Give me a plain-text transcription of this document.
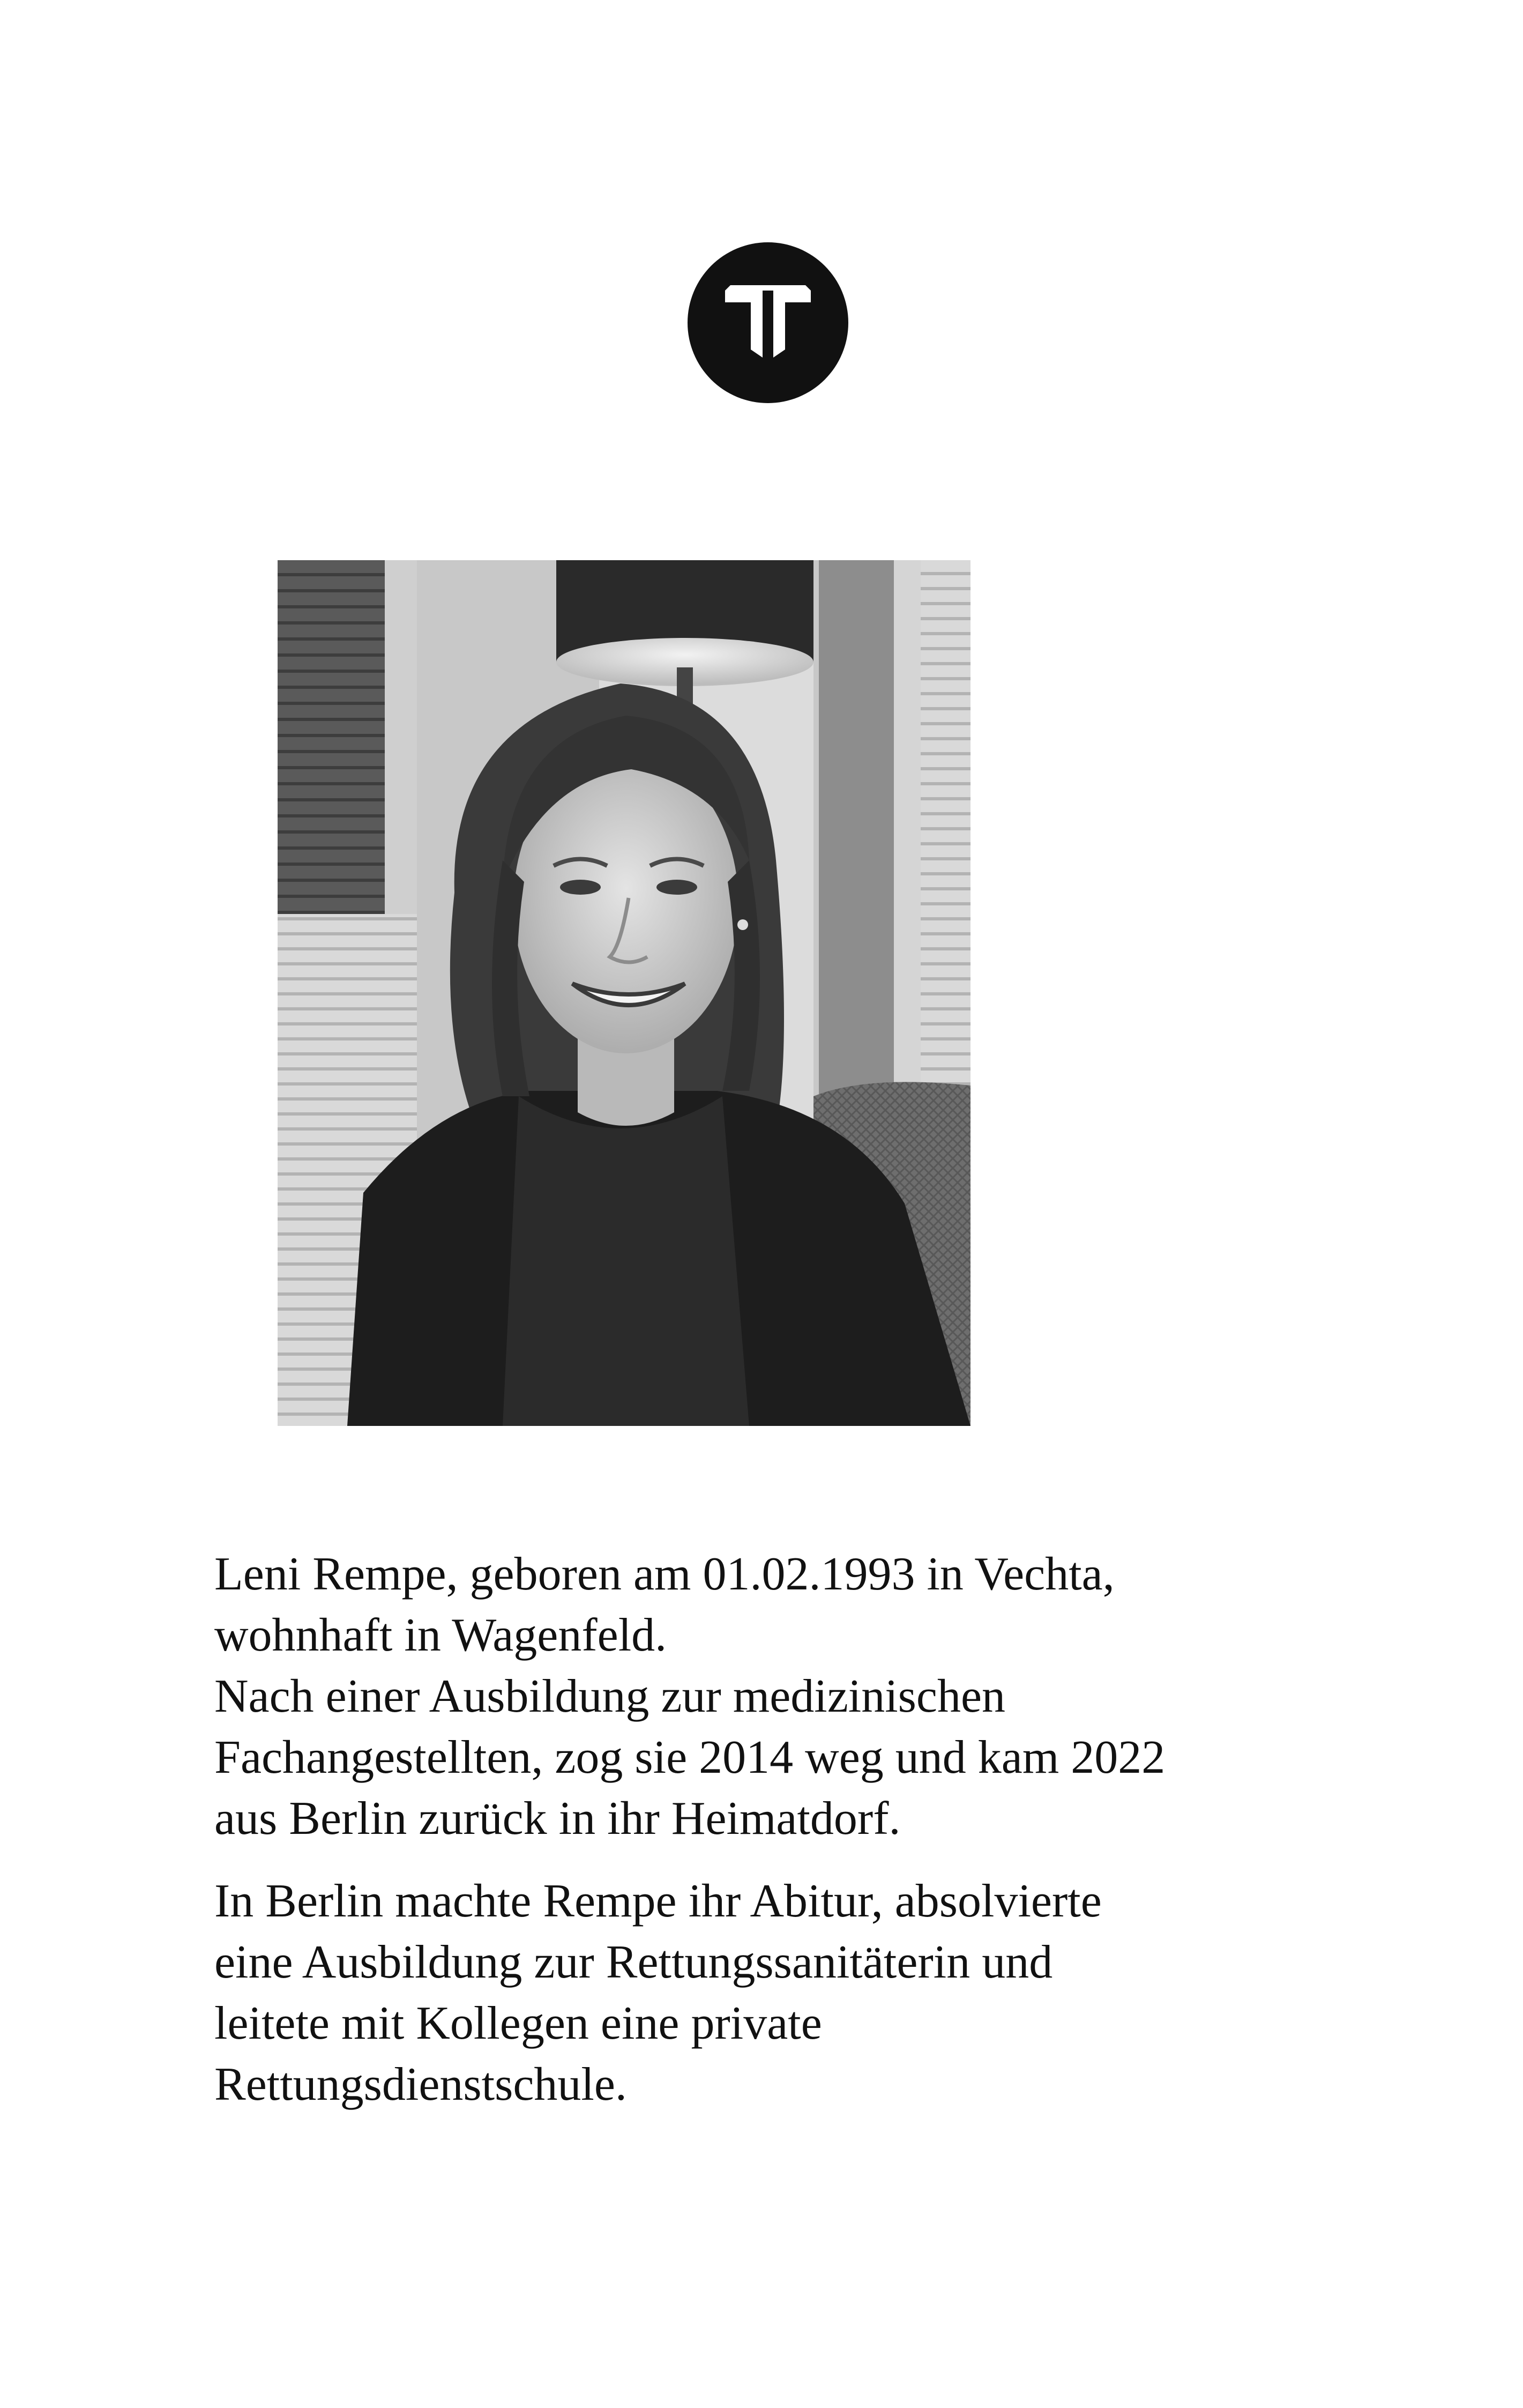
Leni Rempe, geboren am 01.02.1993 in Vechta,
wohnhaft in Wagenfeld.
Nach einer Ausbildung zur medizinischen
Fachangestellten, zog sie 2014 weg und kam 2022
aus Berlin zurück in ihr Heimatdorf.

In Berlin machte Rempe ihr Abitur, absolvierte
eine Ausbildung zur Rettungssanitäterin und
leitete mit Kollegen eine private
Rettungsdienstschule.
